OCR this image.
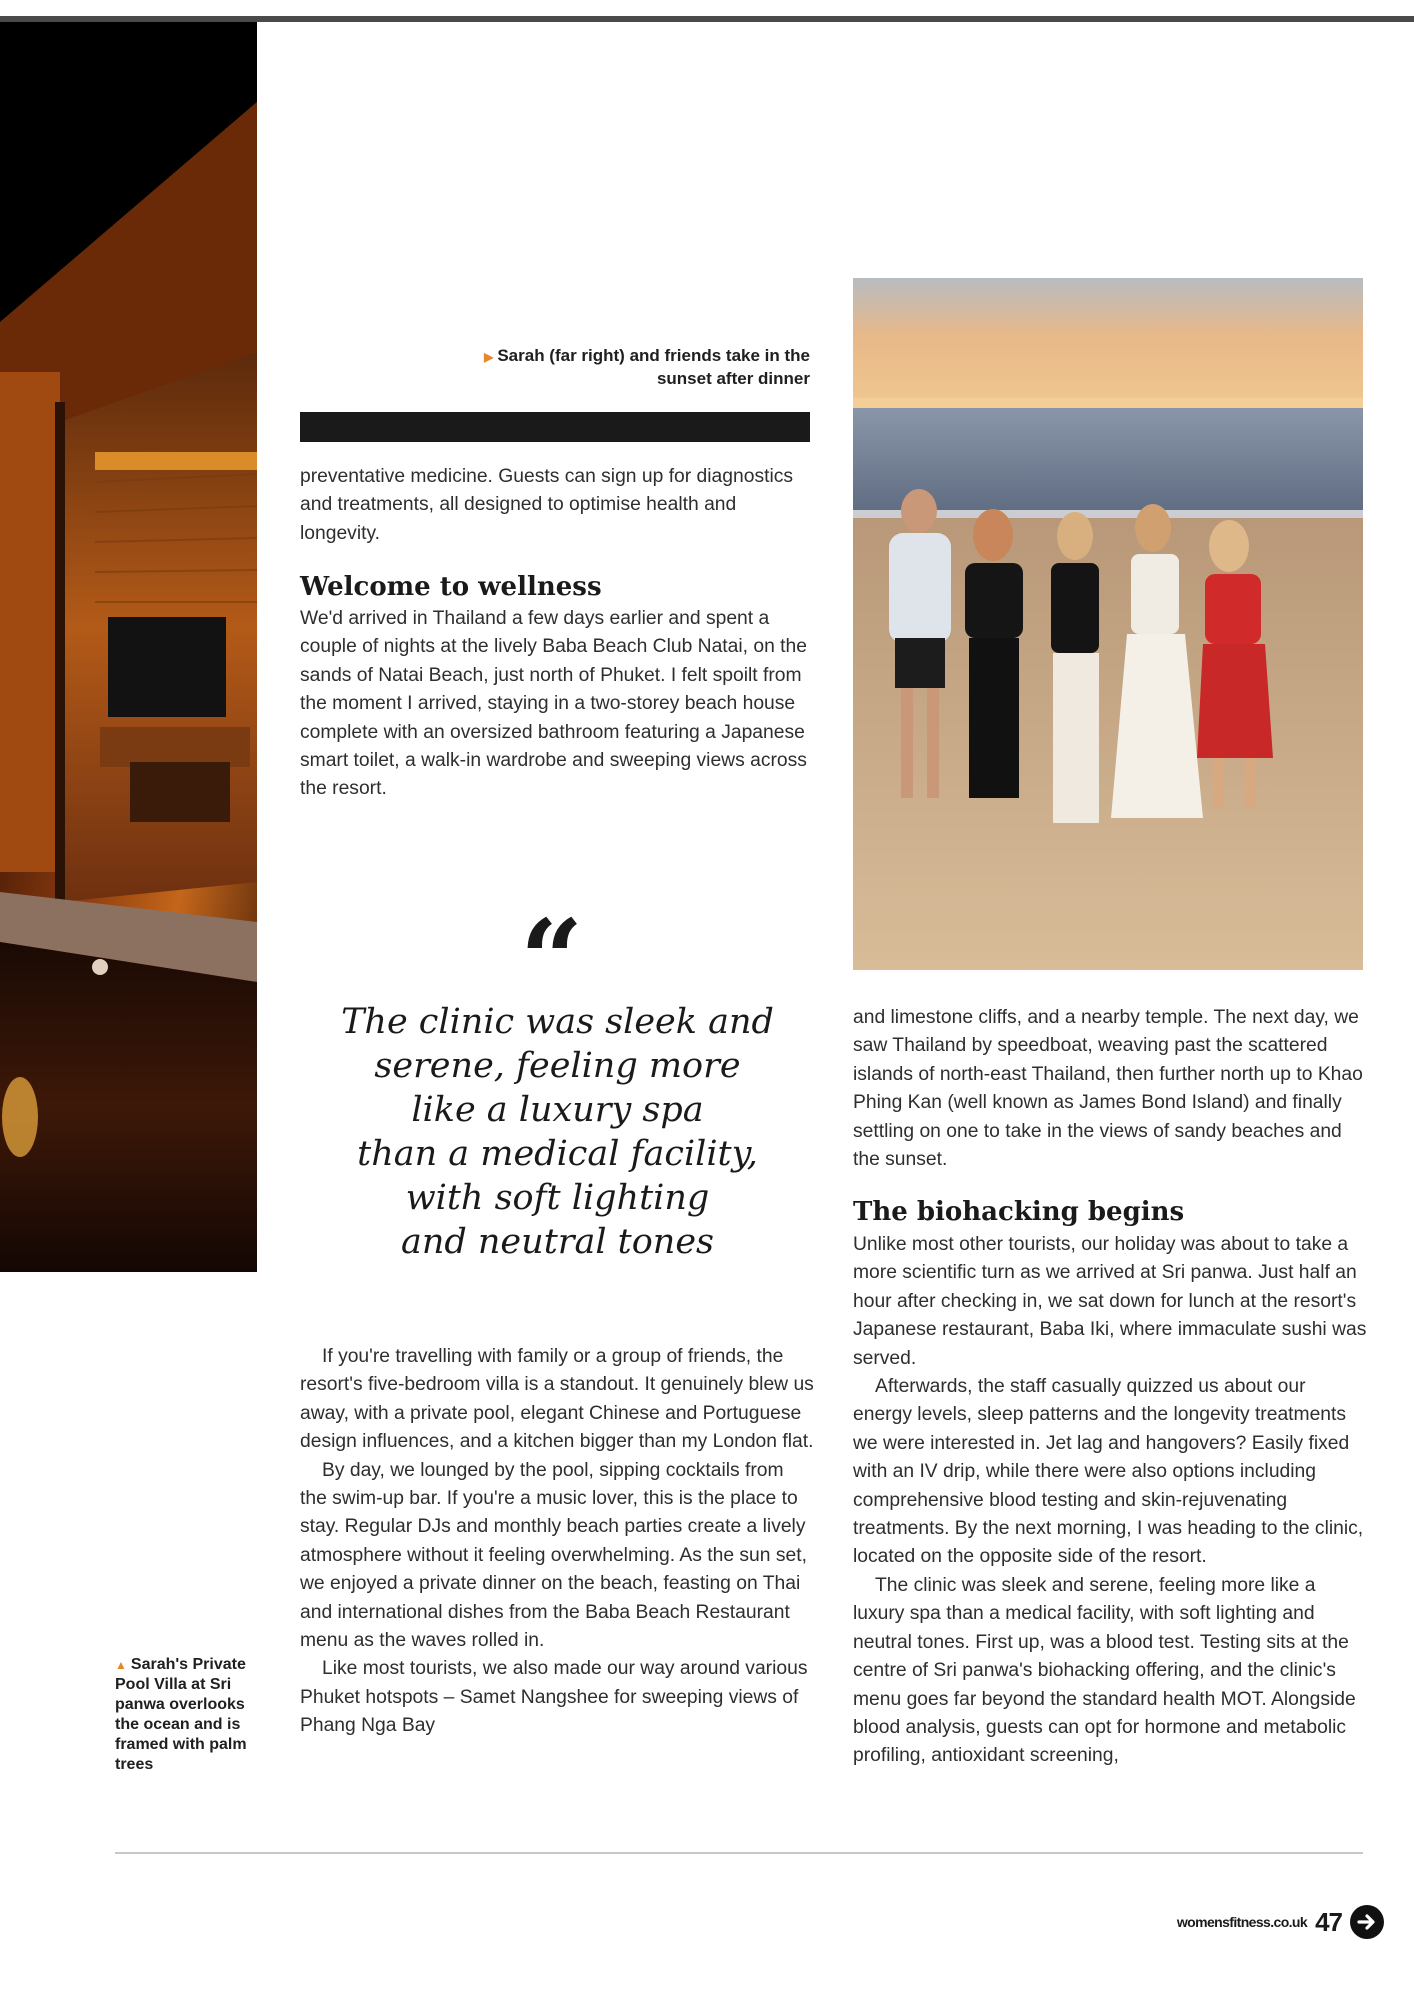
▶ Sarah (far right) and friends take in the sunset after dinner

preventative medicine. Guests can sign up for diagnostics and treatments, all designed to optimise health and longevity.

Welcome to wellness

We'd arrived in Thailand a few days earlier and spent a couple of nights at the lively Baba Beach Club Natai, on the sands of Natai Beach, just north of Phuket. I felt spoilt from the moment I arrived, staying in a two-storey beach house complete with an oversized bathroom featuring a Japanese smart toilet, a walk-in wardrobe and sweeping views across the resort.

“
The clinic was sleek and
serene, feeling more
like a luxury spa
than a medical facility,
with soft lighting
and neutral tones

If you're travelling with family or a group of friends, the resort's five-bedroom villa is a standout. It genuinely blew us away, with a private pool, elegant Chinese and Portuguese design influences, and a kitchen bigger than my London flat.

By day, we lounged by the pool, sipping cocktails from the swim-up bar. If you're a music lover, this is the place to stay. Regular DJs and monthly beach parties create a lively atmosphere without it feeling overwhelming. As the sun set, we enjoyed a private dinner on the beach, feasting on Thai and international dishes from the Baba Beach Restaurant menu as the waves rolled in.

Like most tourists, we also made our way around various Phuket hotspots – Samet Nangshee for sweeping views of Phang Nga Bay

and limestone cliffs, and a nearby temple. The next day, we saw Thailand by speedboat, weaving past the scattered islands of north-east Thailand, then further north up to Khao Phing Kan (well known as James Bond Island) and finally settling on one to take in the views of sandy beaches and the sunset.

The biohacking begins

Unlike most other tourists, our holiday was about to take a more scientific turn as we arrived at Sri panwa. Just half an hour after checking in, we sat down for lunch at the resort's Japanese restaurant, Baba Iki, where immaculate sushi was served.

Afterwards, the staff casually quizzed us about our energy levels, sleep patterns and the longevity treatments we were interested in. Jet lag and hangovers? Easily fixed with an IV drip, while there were also options including comprehensive blood testing and skin-rejuvenating treatments. By the next morning, I was heading to the clinic, located on the opposite side of the resort.

The clinic was sleek and serene, feeling more like a luxury spa than a medical facility, with soft lighting and neutral tones. First up, was a blood test. Testing sits at the centre of Sri panwa's biohacking offering, and the clinic's menu goes far beyond the standard health MOT. Alongside blood analysis, guests can opt for hormone and metabolic profiling, antioxidant screening,

▲ Sarah's Private Pool Villa at Sri panwa overlooks the ocean and is framed with palm trees
womensfitness.co.uk 47
